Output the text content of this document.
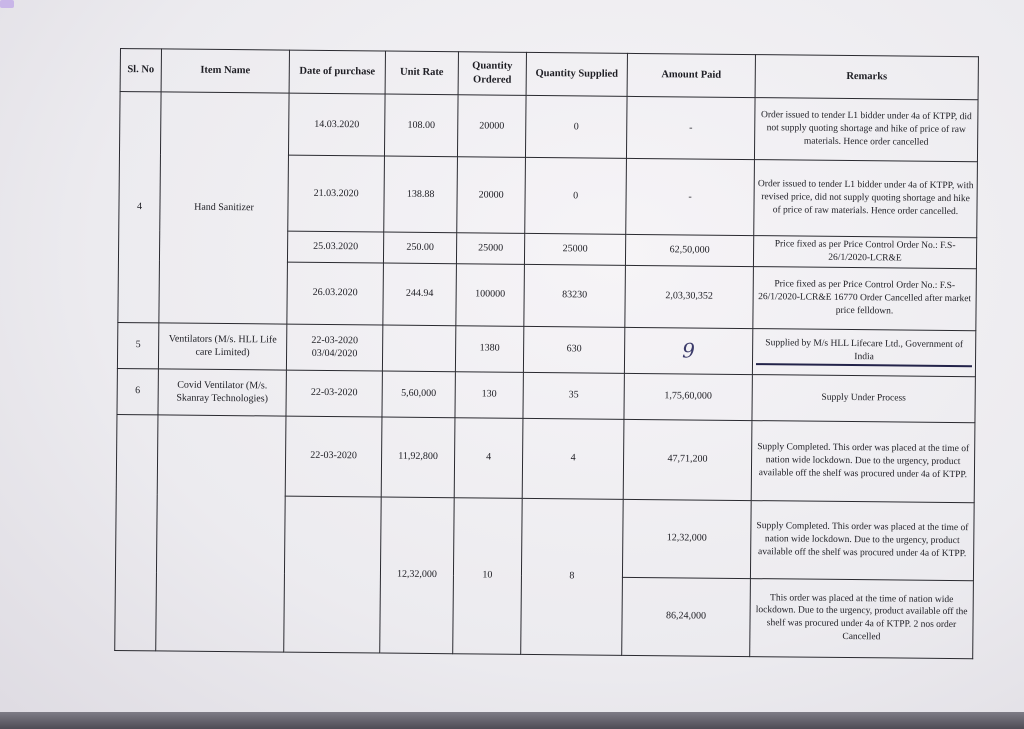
Sl. No	Item Name	Date of purchase	Unit Rate	Quantity Ordered	Quantity Supplied	Amount Paid	Remarks
4	Hand Sanitizer	14.03.2020	108.00	20000	0	-	Order issued to tender L1 bidder under 4a of KTPP, did not supply quoting shortage and hike of price of raw materials. Hence order cancelled
		21.03.2020	138.88	20000	0	-	Order issued to tender L1 bidder under 4a of KTPP, with revised price, did not supply quoting shortage and hike of price of raw materials. Hence order cancelled.
		25.03.2020	250.00	25000	25000	62,50,000	Price fixed as per Price Control Order No.: F.S-26/1/2020-LCR&E
		26.03.2020	244.94	100000	83230	2,03,30,352	Price fixed as per Price Control Order No.: F.S-26/1/2020-LCR&E 16770 Order Cancelled after market price felldown.
5	Ventilators (M/s. HLL Life care Limited)	22-03-2020 03/04/2020		1380	630	9	Supplied by M/s HLL Lifecare Ltd., Government of India
6	Covid Ventilator (M/s. Skanray Technologies)	22-03-2020	5,60,000	130	35	1,75,60,000	Supply Under Process
		22-03-2020	11,92,800	4	4	47,71,200	Supply Completed. This order was placed at the time of nation wide lockdown. Due to the urgency, product available off the shelf was procured under 4a of KTPP.
			12,32,000	10	8	12,32,000	Supply Completed. This order was placed at the time of nation wide lockdown. Due to the urgency, product available off the shelf was procured under 4a of KTPP.
						86,24,000	This order was placed at the time of nation wide lockdown. Due to the urgency, product available off the shelf was procured under 4a of KTPP. 2 nos order Cancelled
